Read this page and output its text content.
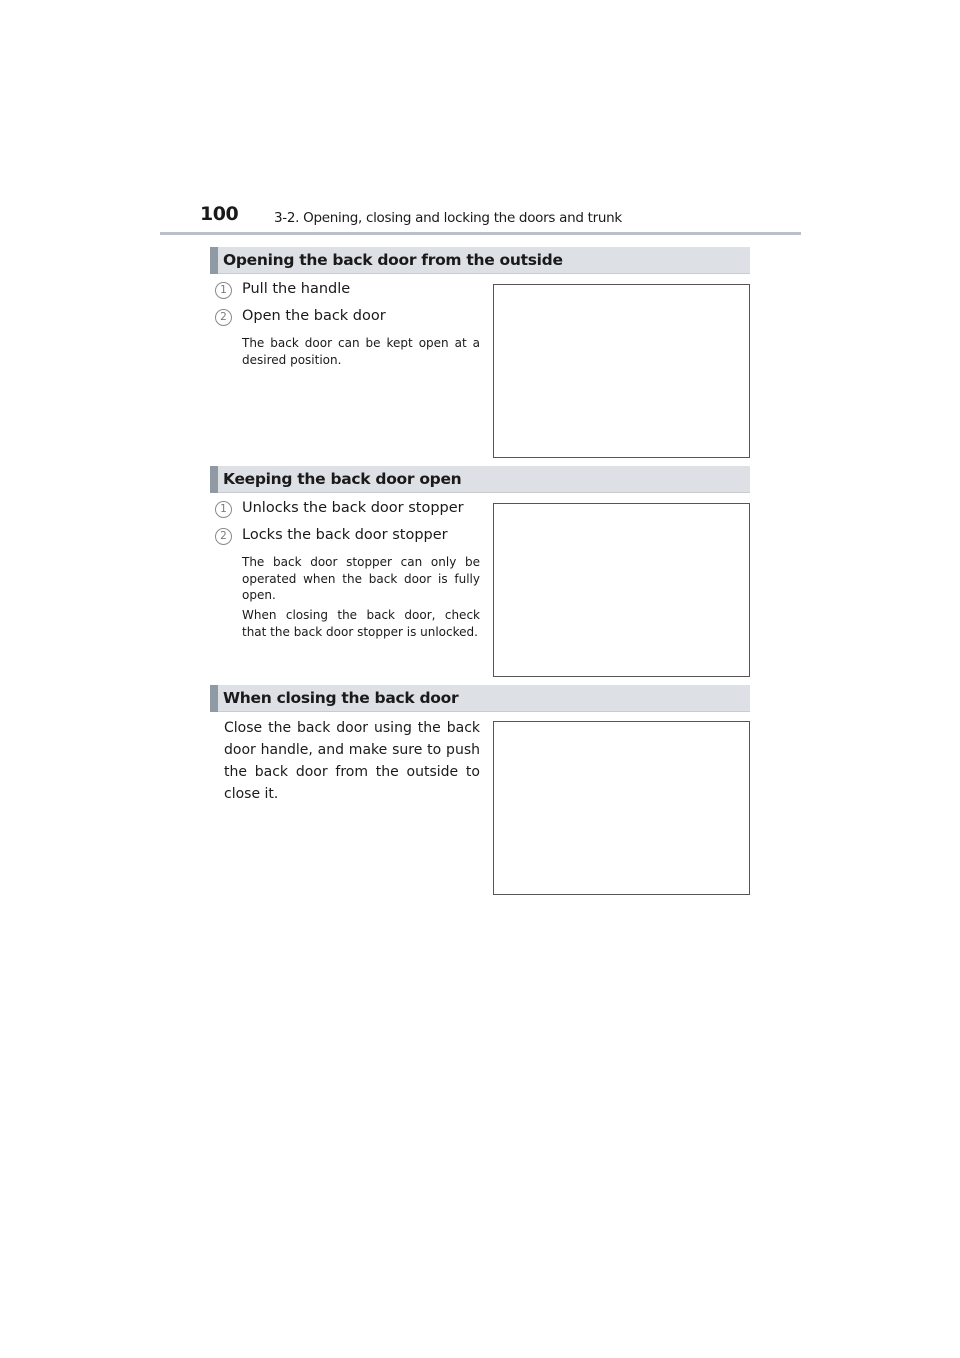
100	3-2. Opening, closing and locking the doors and trunk
Opening the back door from the outside
1	Pull the handle
2	Open the back door
The back door can be kept open at a desired position.
Keeping the back door open
1	Unlocks the back door stopper
2	Locks the back door stopper
The back door stopper can only be operated when the back door is fully open.
When closing the back door, check that the back door stopper is unlocked.
When closing the back door
Close the back door using the back door handle, and make sure to push the back door from the outside to close it.
